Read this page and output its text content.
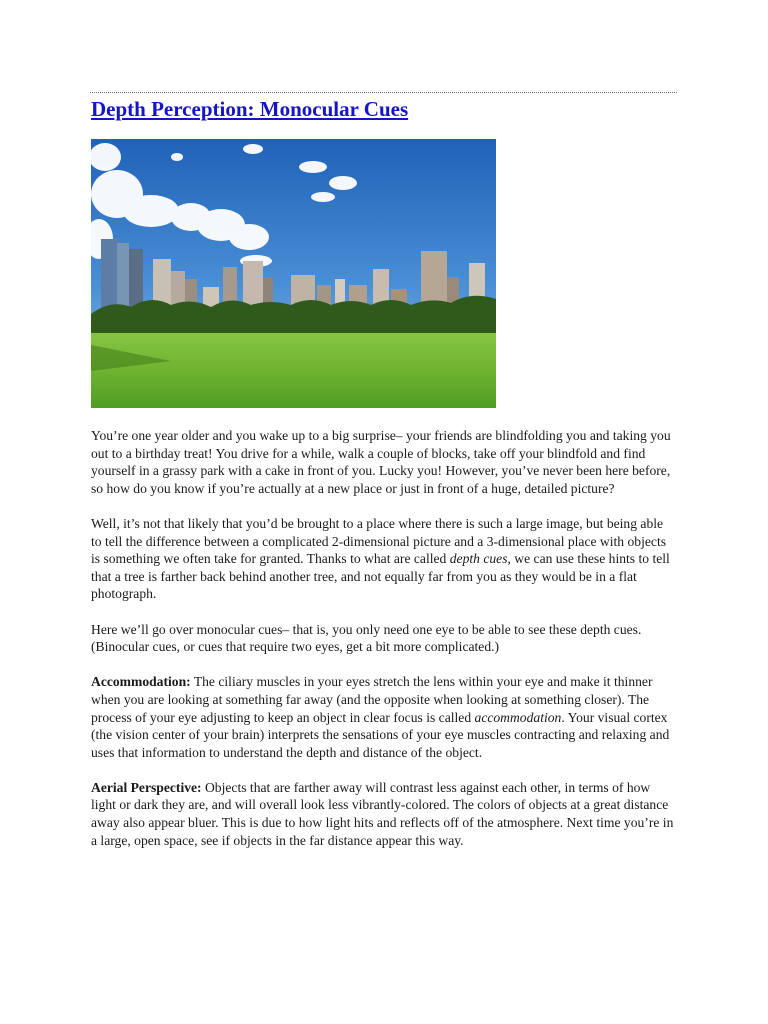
Depth Perception: Monocular Cues

You’re one year older and you wake up to a big surprise– your friends are blindfolding you and taking you out to a birthday treat! You drive for a while, walk a couple of blocks, take off your blindfold and find yourself in a grassy park with a cake in front of you. Lucky you! However, you’ve never been here before, so how do you know if you’re actually at a new place or just in front of a huge, detailed picture?

Well, it’s not that likely that you’d be brought to a place where there is such a large image, but being able to tell the difference between a complicated 2-dimensional picture and a 3-dimensional place with objects is something we often take for granted. Thanks to what are called depth cues, we can use these hints to tell that a tree is farther back behind another tree, and not equally far from you as they would be in a flat photograph.

Here we’ll go over monocular cues– that is, you only need one eye to be able to see these depth cues. (Binocular cues, or cues that require two eyes, get a bit more complicated.)

Accommodation: The ciliary muscles in your eyes stretch the lens within your eye and make it thinner when you are looking at something far away (and the opposite when looking at something closer). The process of your eye adjusting to keep an object in clear focus is called accommodation. Your visual cortex (the vision center of your brain) interprets the sensations of your eye muscles contracting and relaxing and uses that information to understand the depth and distance of the object.

Aerial Perspective: Objects that are farther away will contrast less against each other, in terms of how light or dark they are, and will overall look less vibrantly-colored. The colors of objects at a great distance away also appear bluer. This is due to how light hits and reflects off of the atmosphere. Next time you’re in a large, open space, see if objects in the far distance appear this way.
